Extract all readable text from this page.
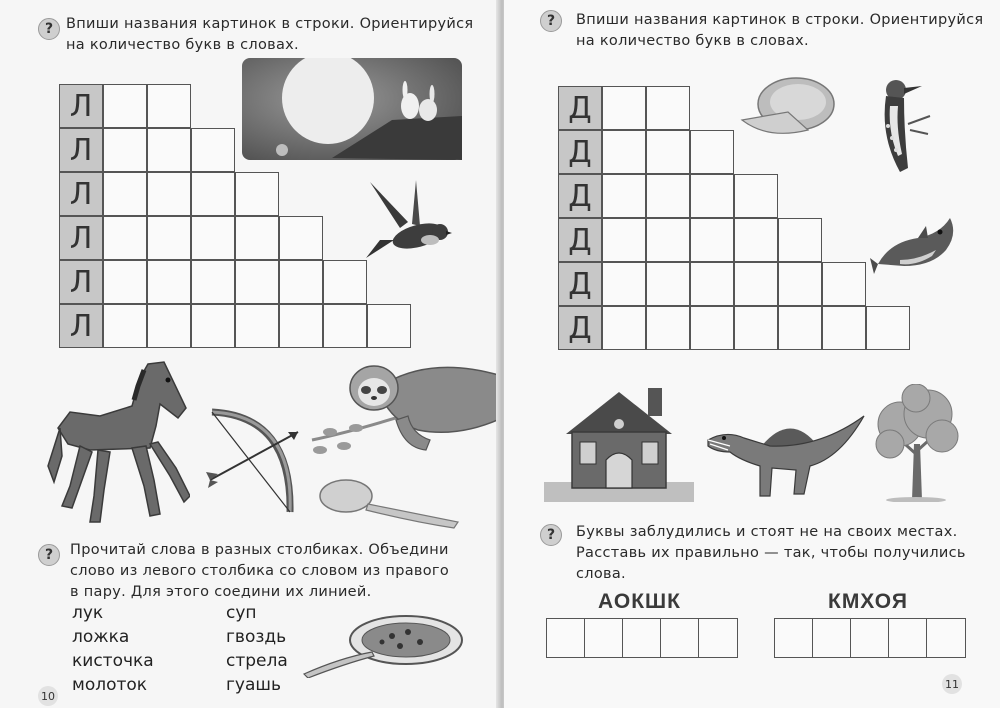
? Впиши названия картинок в строки. Ориентируйся
на количество букв в словах.
Л
Л
Л
Л
Л
Л
?	Прочитай слова в разных столбиках. Объедини
слово из левого столбика со словом из правого
в пару. Для этого соедини их линией.
лук
ложка
кисточка
молоток
суп
гвоздь
стрела
гуашь
10
?	Впиши названия картинок в строки. Ориентируйся
на количество букв в словах.
Д
Д
Д
Д
Д
Д
?	Буквы заблудились и стоят не на своих местах.
Расставь их правильно — так, чтобы получились
слова.
АОКШК	КМХОЯ
11
